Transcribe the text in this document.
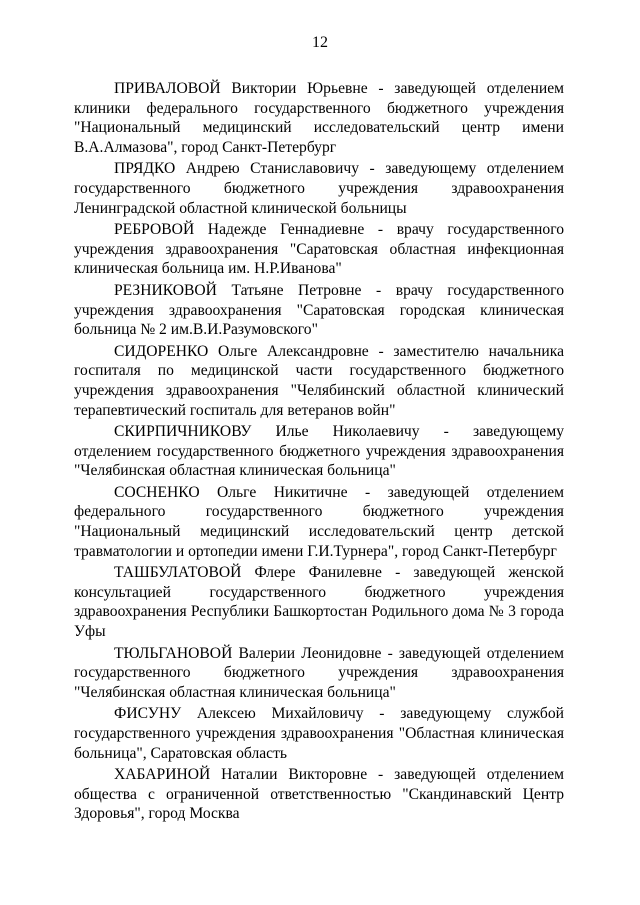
12

ПРИВАЛОВОЙ Виктории Юрьевне - заведующей отделением клиники федерального государственного бюджетного учреждения "Национальный медицинский исследовательский центр имени В.А.Алмазова", город Санкт-Петербург

ПРЯДКО Андрею Станиславовичу - заведующему отделением государственного бюджетного учреждения здравоохранения Ленинградской областной клинической больницы

РЕБРОВОЙ Надежде Геннадиевне - врачу государственного учреждения здравоохранения "Саратовская областная инфекционная клиническая больница им. Н.Р.Иванова"

РЕЗНИКОВОЙ Татьяне Петровне - врачу государственного учреждения здравоохранения "Саратовская городская клиническая больница № 2 им.В.И.Разумовского"

СИДОРЕНКО Ольге Александровне - заместителю начальника госпиталя по медицинской части государственного бюджетного учреждения здравоохранения "Челябинский областной клинический терапевтический госпиталь для ветеранов войн"

СКИРПИЧНИКОВУ Илье Николаевичу - заведующему отделением государственного бюджетного учреждения здравоохранения "Челябинская областная клиническая больница"

СОСНЕНКО Ольге Никитичне - заведующей отделением федерального государственного бюджетного учреждения "Национальный медицинский исследовательский центр детской травматологии и ортопедии имени Г.И.Турнера", город Санкт-Петербург

ТАШБУЛАТОВОЙ Флере Фанилевне - заведующей женской консультацией государственного бюджетного учреждения здравоохранения Республики Башкортостан Родильного дома № 3 города Уфы

ТЮЛЬГАНОВОЙ Валерии Леонидовне - заведующей отделением государственного бюджетного учреждения здравоохранения "Челябинская областная клиническая больница"

ФИСУНУ Алексею Михайловичу - заведующему службой государственного учреждения здравоохранения "Областная клиническая больница", Саратовская область

ХАБАРИНОЙ Наталии Викторовне - заведующей отделением общества с ограниченной ответственностью "Скандинавский Центр Здоровья", город Москва
